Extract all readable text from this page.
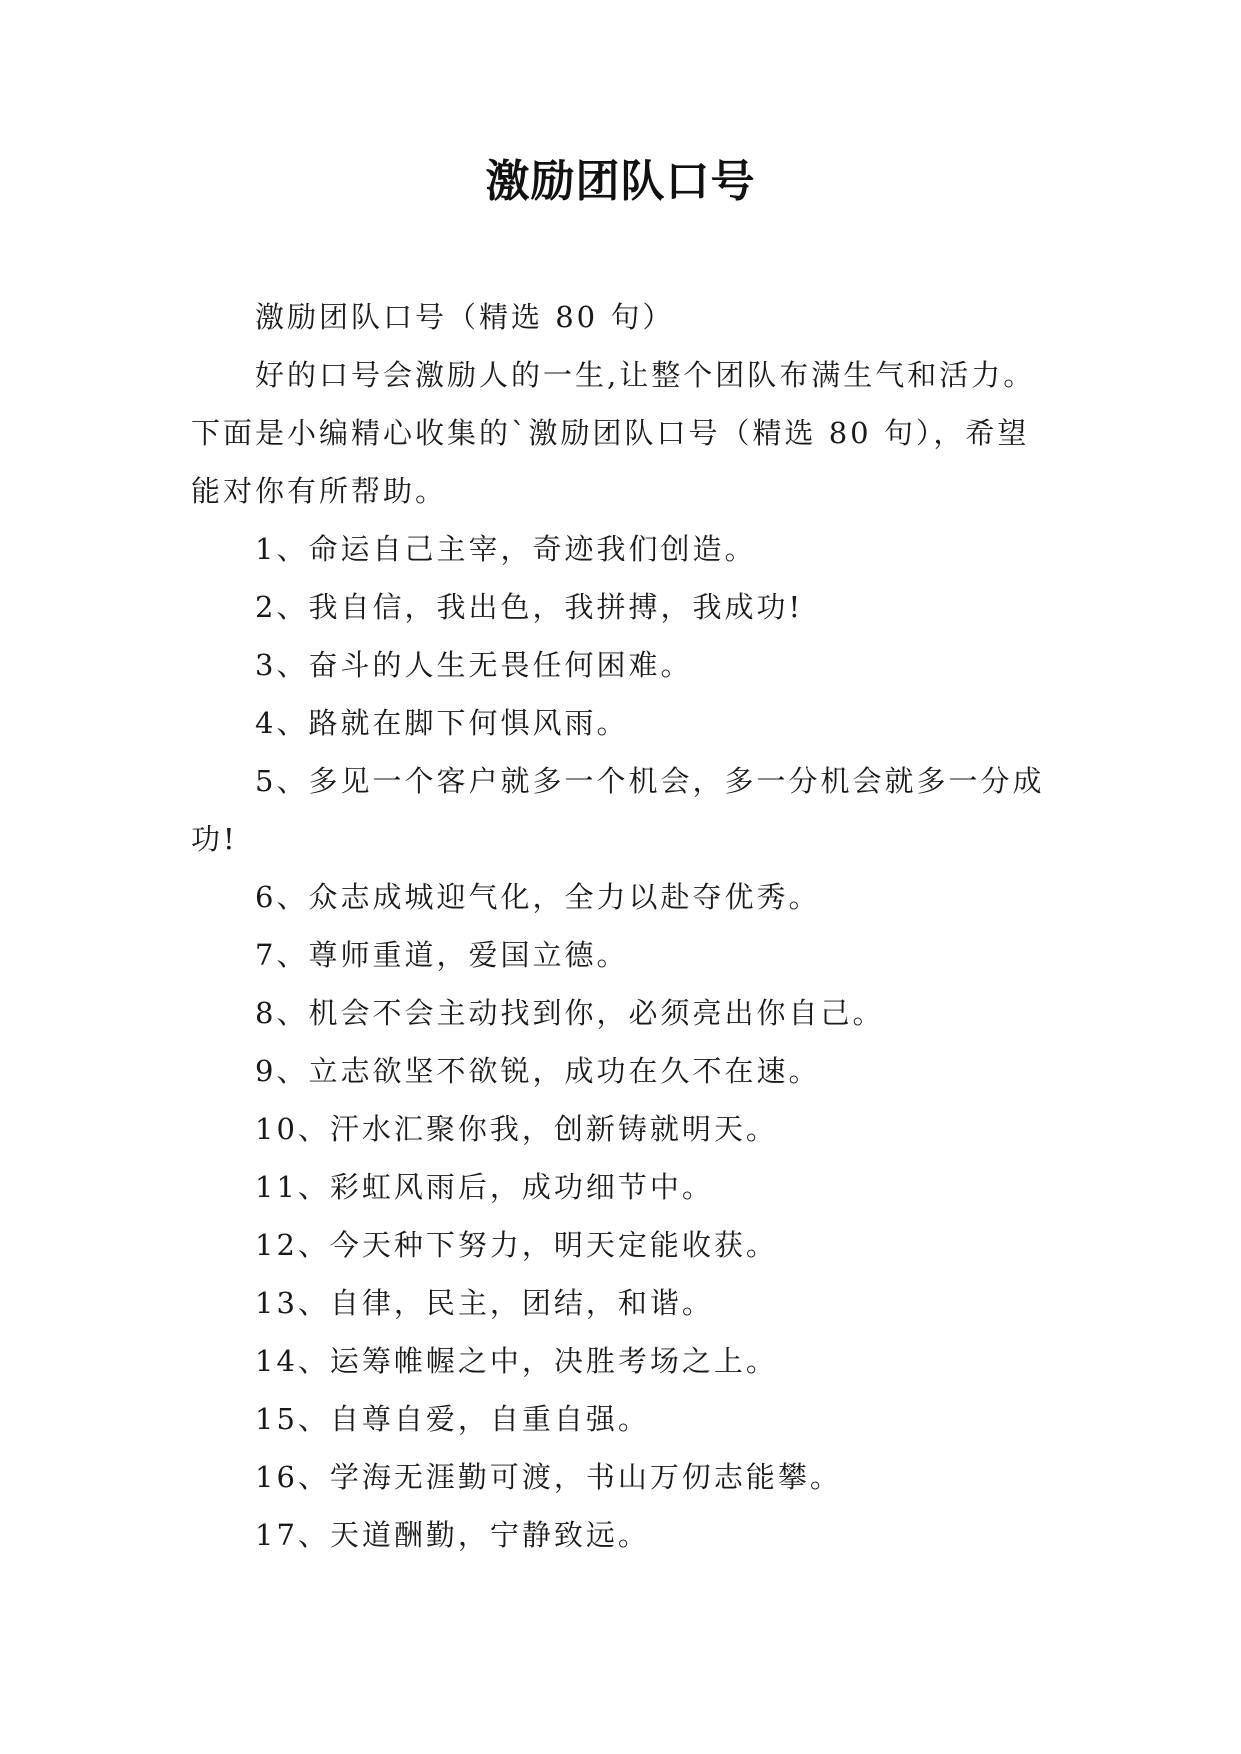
激励团队口号

激励团队口号（精选 80 句）

好的口号会激励人的一生,让整个团队布满生气和活力。下面是小编精心收集的`激励团队口号（精选 80 句），希望能对你有所帮助。

1、命运自己主宰，奇迹我们创造。

2、我自信，我出色，我拼搏，我成功!

3、奋斗的人生无畏任何困难。

4、路就在脚下何惧风雨。

5、多见一个客户就多一个机会，多一分机会就多一分成功!

6、众志成城迎气化，全力以赴夺优秀。

7、尊师重道，爱国立德。

8、机会不会主动找到你，必须亮出你自己。

9、立志欲坚不欲锐，成功在久不在速。

10、汗水汇聚你我，创新铸就明天。

11、彩虹风雨后，成功细节中。

12、今天种下努力，明天定能收获。

13、自律，民主，团结，和谐。

14、运筹帷幄之中，决胜考场之上。

15、自尊自爱，自重自强。

16、学海无涯勤可渡，书山万仞志能攀。

17、天道酬勤，宁静致远。
